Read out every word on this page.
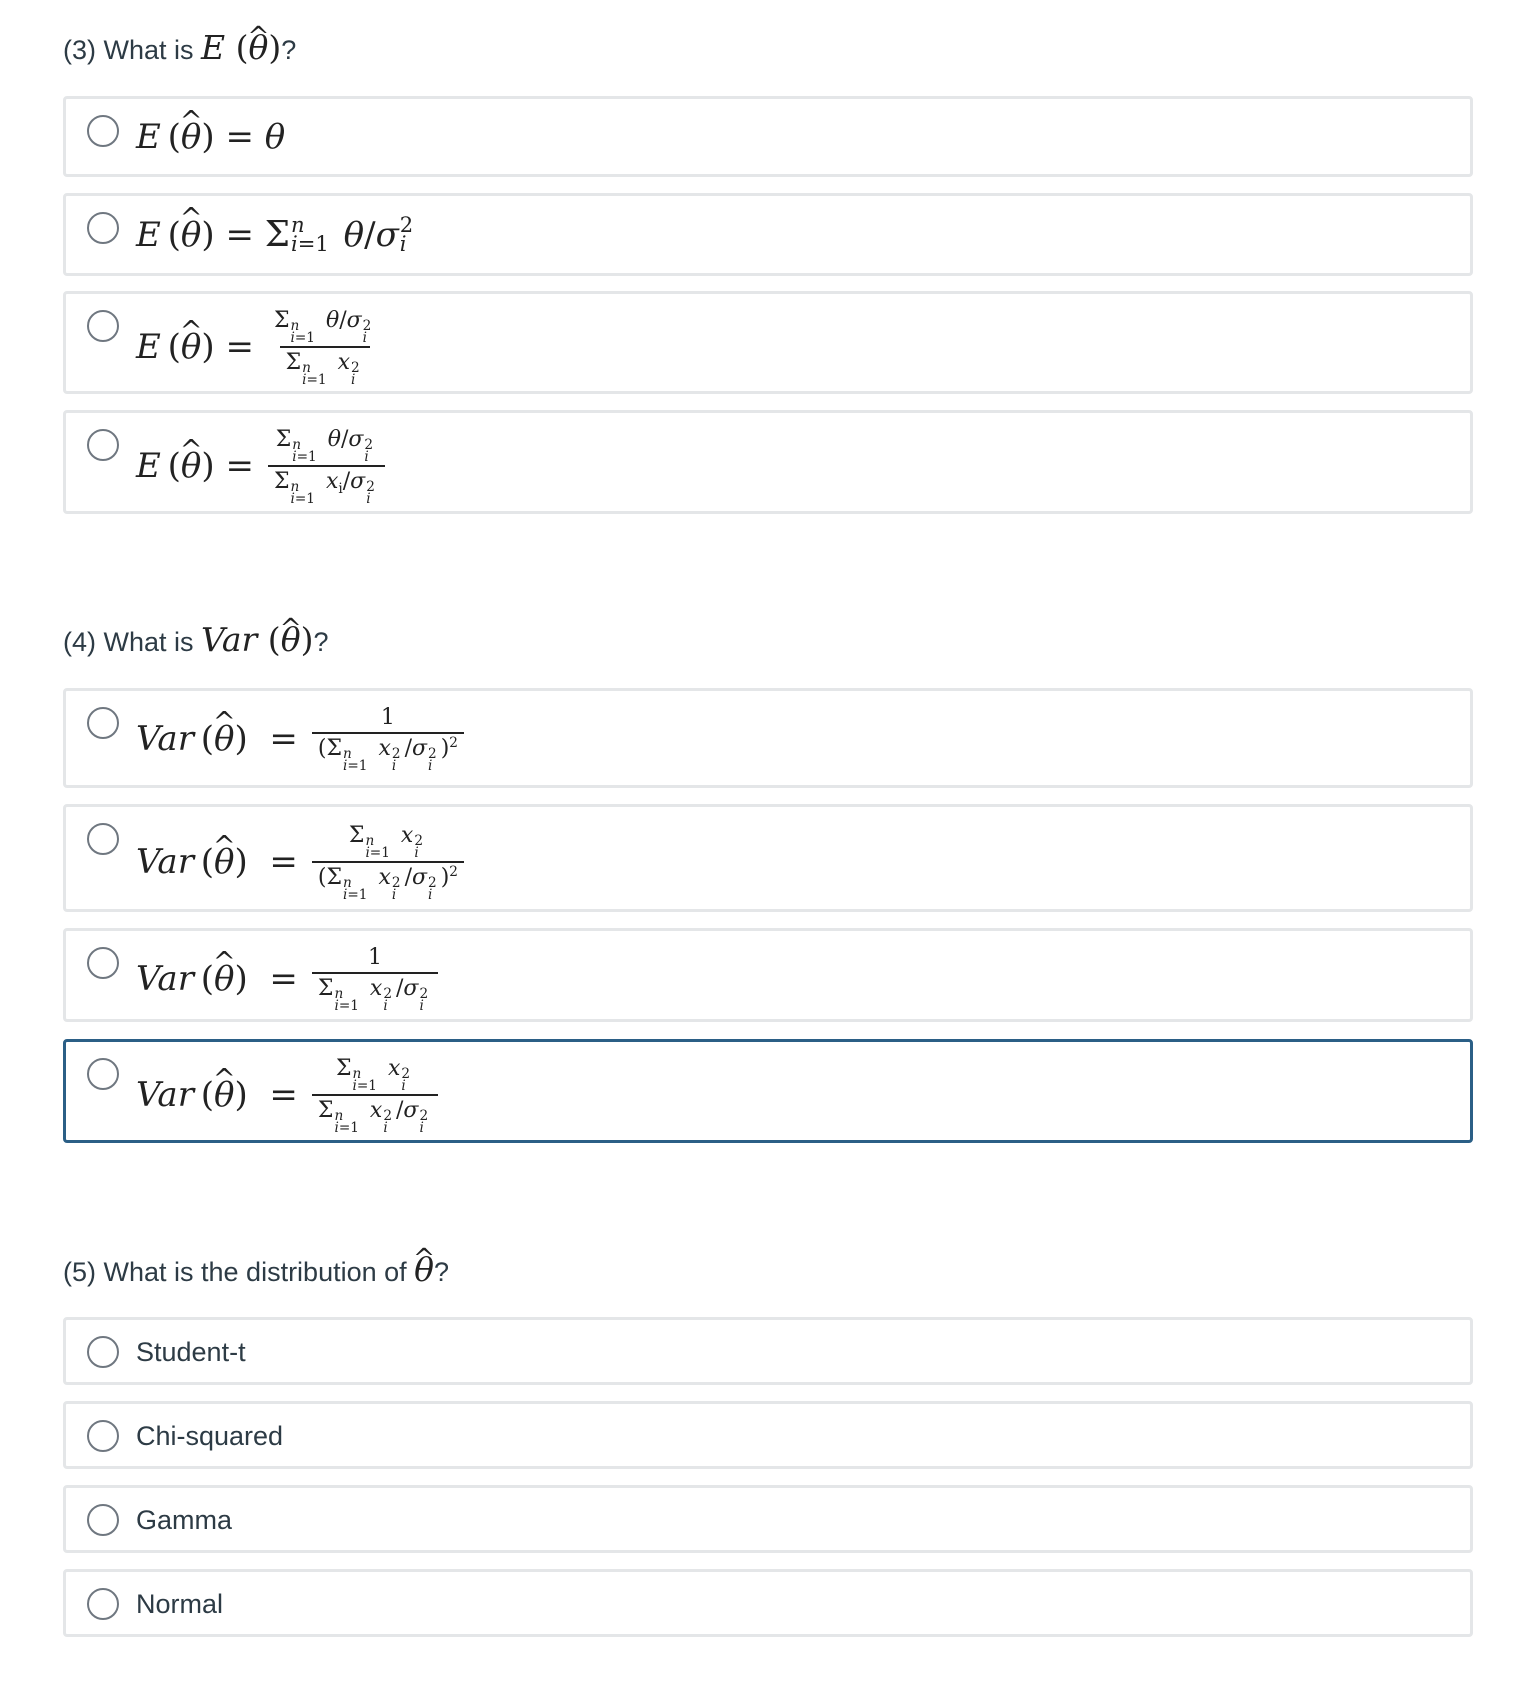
(3) What is E (^ θ)?
E  ( ^ θ ) = θ
E  ( ^ θ ) = Σ n
i=1
θ / σ 2
i
E  ( ^ θ ) = Σ n
i=1
θ/σ 2
i
Σ n
i=1
x 2
i
E  ( ^ θ ) = Σ n
i=1
θ/σ 2
i
Σ n
i=1
$x_i/\sigma$ 2
i
(4) What is Var (^ θ)?
Var  ( ^ θ )  = 1
(Σ n
i=1
x 2
i
/σ 2
i
)$^2$
Var  ( ^ θ )  = Σ n
i=1
x 2
i
(Σ n
i=1
x 2
i
/σ 2
i
)$^2$
Var  ( ^ θ )  = 1
Σ n
i=1
x 2
i
/σ 2
i
Var  ( ^ θ )  = Σ n
i=1
x 2
i
Σ n
i=1
x 2
i
/σ 2
i
(5) What is the distribution of ^ θ?
Student-t
Chi-squared
Gamma
Normal
